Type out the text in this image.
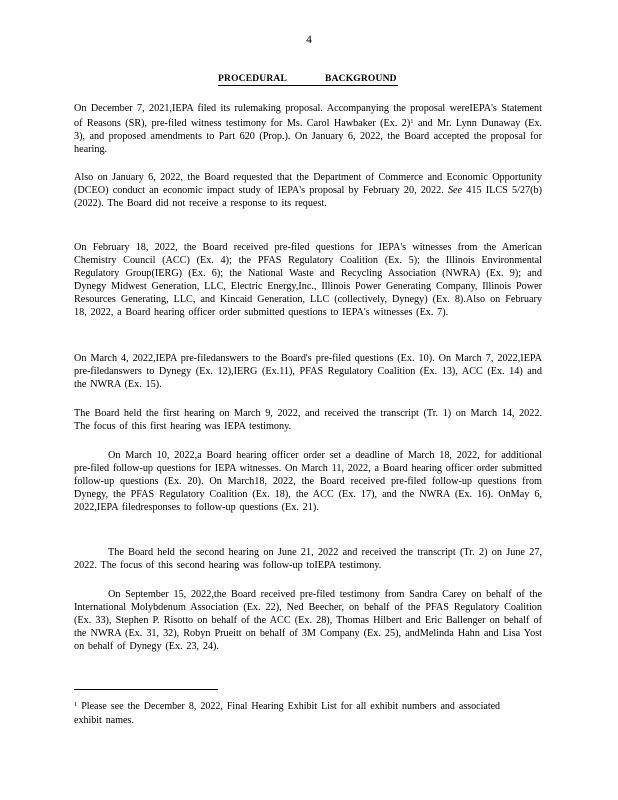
4
PROCEDURAL	BACKGROUND

On December 7, 2021,IEPA filed its rulemaking proposal. Accompanying the proposal wereIEPA's Statement of Reasons (SR), pre-filed witness testimony for Ms. Carol Hawbaker (Ex. 2)$^1$ and Mr. Lynn Dunaway (Ex. 3), and proposed amendments to Part 620 (Prop.). On January 6, 2022, the Board accepted the proposal for hearing.

Also on January 6, 2022, the Board requested that the Department of Commerce and Economic Opportunity (DCEO) conduct an economic impact study of IEPA's proposal by February 20, 2022. See 415 ILCS 5/27(b) (2022). The Board did not receive a response to its request.

On February 18, 2022, the Board received pre-filed questions for IEPA's witnesses from the American Chemistry Council (ACC) (Ex. 4); the PFAS Regulatory Coalition (Ex. 5); the Illinois Environmental Regulatory Group(IERG) (Ex. 6); the National Waste and Recycling Association (NWRA) (Ex. 9); and Dynegy Midwest Generation, LLC, Electric Energy,Inc., Illinois Power Generating Company, Illinois Power Resources Generating, LLC, and Kincaid Generation, LLC (collectively, Dynegy) (Ex. 8).Also on February 18, 2022, a Board hearing officer order submitted questions to IEPA's witnesses (Ex. 7).

On March 4, 2022,IEPA pre-filedanswers to the Board's pre-filed questions (Ex. 10). On March 7, 2022,IEPA pre-filedanswers to Dynegy (Ex. 12),IERG (Ex.11), PFAS Regulatory Coalition (Ex. 13), ACC (Ex. 14) and the NWRA (Ex. 15).

The Board held the first hearing on March 9, 2022, and received the transcript (Tr. 1) on March 14, 2022. The focus of this first hearing was IEPA testimony.

On March 10, 2022,a Board hearing officer order set a deadline of March 18, 2022, for additional pre-filed follow-up questions for IEPA witnesses. On March 11, 2022, a Board hearing officer order submitted follow-up questions (Ex. 20). On March18, 2022, the Board received pre-filed follow-up questions from Dynegy, the PFAS Regulatory Coalition (Ex. 18), the ACC (Ex. 17), and the NWRA (Ex. 16). OnMay 6, 2022,IEPA filedresponses to follow-up questions (Ex. 21).

The Board held the second hearing on June 21, 2022 and received the transcript (Tr. 2) on June 27, 2022. The focus of this second hearing was follow-up toIEPA testimony.

On September 15, 2022,the Board received pre-filed testimony from Sandra Carey on behalf of the International Molybdenum Association (Ex. 22), Ned Beecher, on behalf of the PFAS Regulatory Coalition (Ex. 33), Stephen P. Risotto on behalf of the ACC (Ex. 28), Thomas Hilbert and Eric Ballenger on behalf of the NWRA (Ex. 31, 32), Robyn Prueitt on behalf of 3M Company (Ex. 25), andMelinda Hahn and Lisa Yost on behalf of Dynegy (Ex. 23, 24).

$^1$ Please see the December 8, 2022, Final Hearing Exhibit List for all exhibit numbers and associated exhibit names.
